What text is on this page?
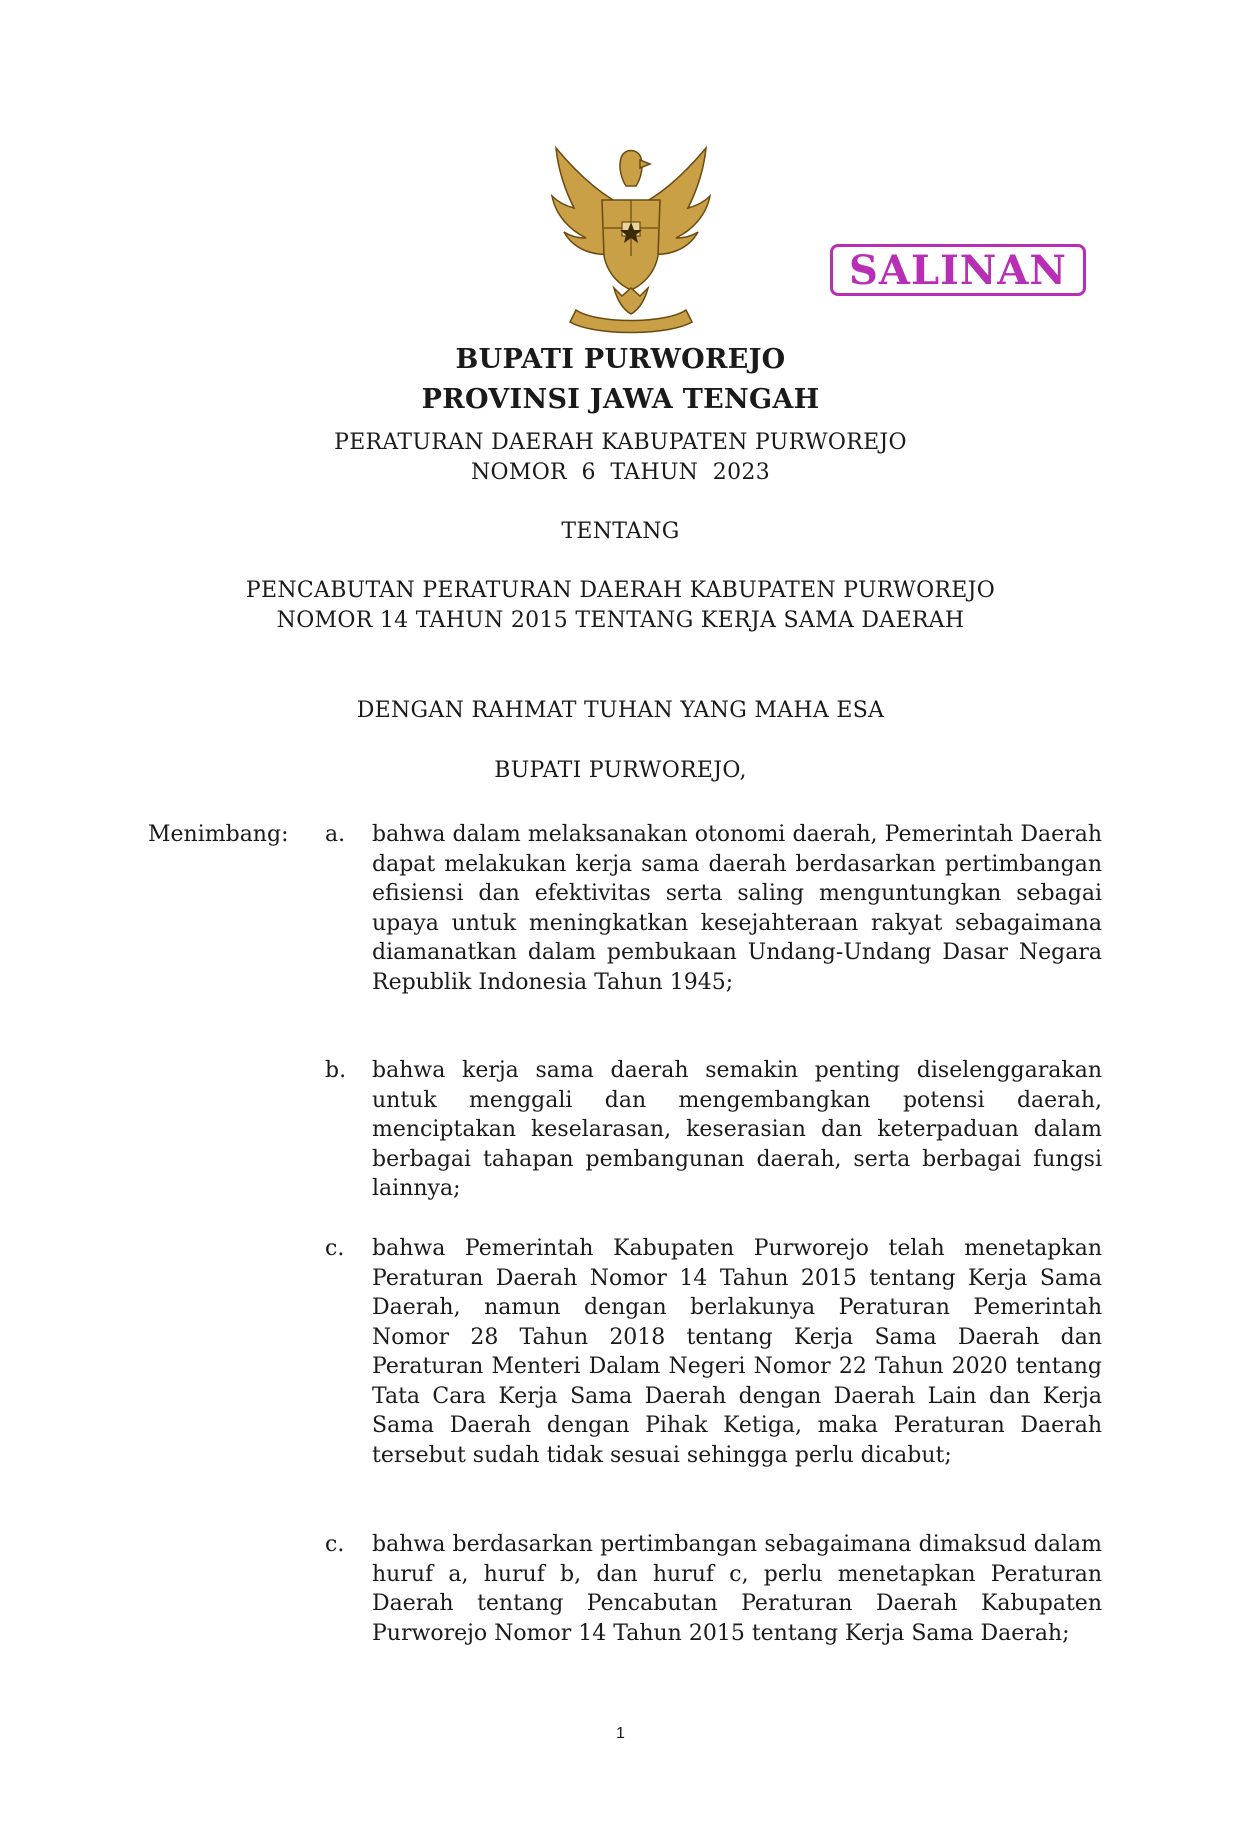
SALINAN
BUPATI PURWOREJO
PROVINSI JAWA TENGAH
PERATURAN DAERAH KABUPATEN PURWOREJO
NOMOR  6  TAHUN  2023
TENTANG
PENCABUTAN PERATURAN DAERAH KABUPATEN PURWOREJO
NOMOR 14 TAHUN 2015 TENTANG KERJA SAMA DAERAH
DENGAN RAHMAT TUHAN YANG MAHA ESA
BUPATI PURWOREJO,
Menimbang: a. bahwa dalam melaksanakan otonomi daerah, Pemerintah Daerah dapat melakukan kerja sama daerah berdasarkan pertimbangan efisiensi dan efektivitas serta saling menguntungkan sebagai upaya untuk meningkatkan kesejahteraan rakyat sebagaimana diamanatkan dalam pembukaan Undang-Undang Dasar Negara Republik Indonesia Tahun 1945;
b. bahwa kerja sama daerah semakin penting diselenggarakan untuk menggali dan mengembangkan potensi daerah, menciptakan keselarasan, keserasian dan keterpaduan dalam berbagai tahapan pembangunan daerah, serta berbagai fungsi lainnya;
c. bahwa Pemerintah Kabupaten Purworejo telah menetapkan Peraturan Daerah Nomor 14 Tahun 2015 tentang Kerja Sama Daerah, namun dengan berlakunya Peraturan Pemerintah Nomor 28 Tahun 2018 tentang Kerja Sama Daerah dan Peraturan Menteri Dalam Negeri Nomor 22 Tahun 2020 tentang Tata Cara Kerja Sama Daerah dengan Daerah Lain dan Kerja Sama Daerah dengan Pihak Ketiga, maka Peraturan Daerah tersebut sudah tidak sesuai sehingga perlu dicabut;
c. bahwa berdasarkan pertimbangan sebagaimana dimaksud dalam huruf a, huruf b, dan huruf c, perlu menetapkan Peraturan Daerah tentang Pencabutan Peraturan Daerah Kabupaten Purworejo Nomor 14 Tahun 2015 tentang Kerja Sama Daerah;
1
